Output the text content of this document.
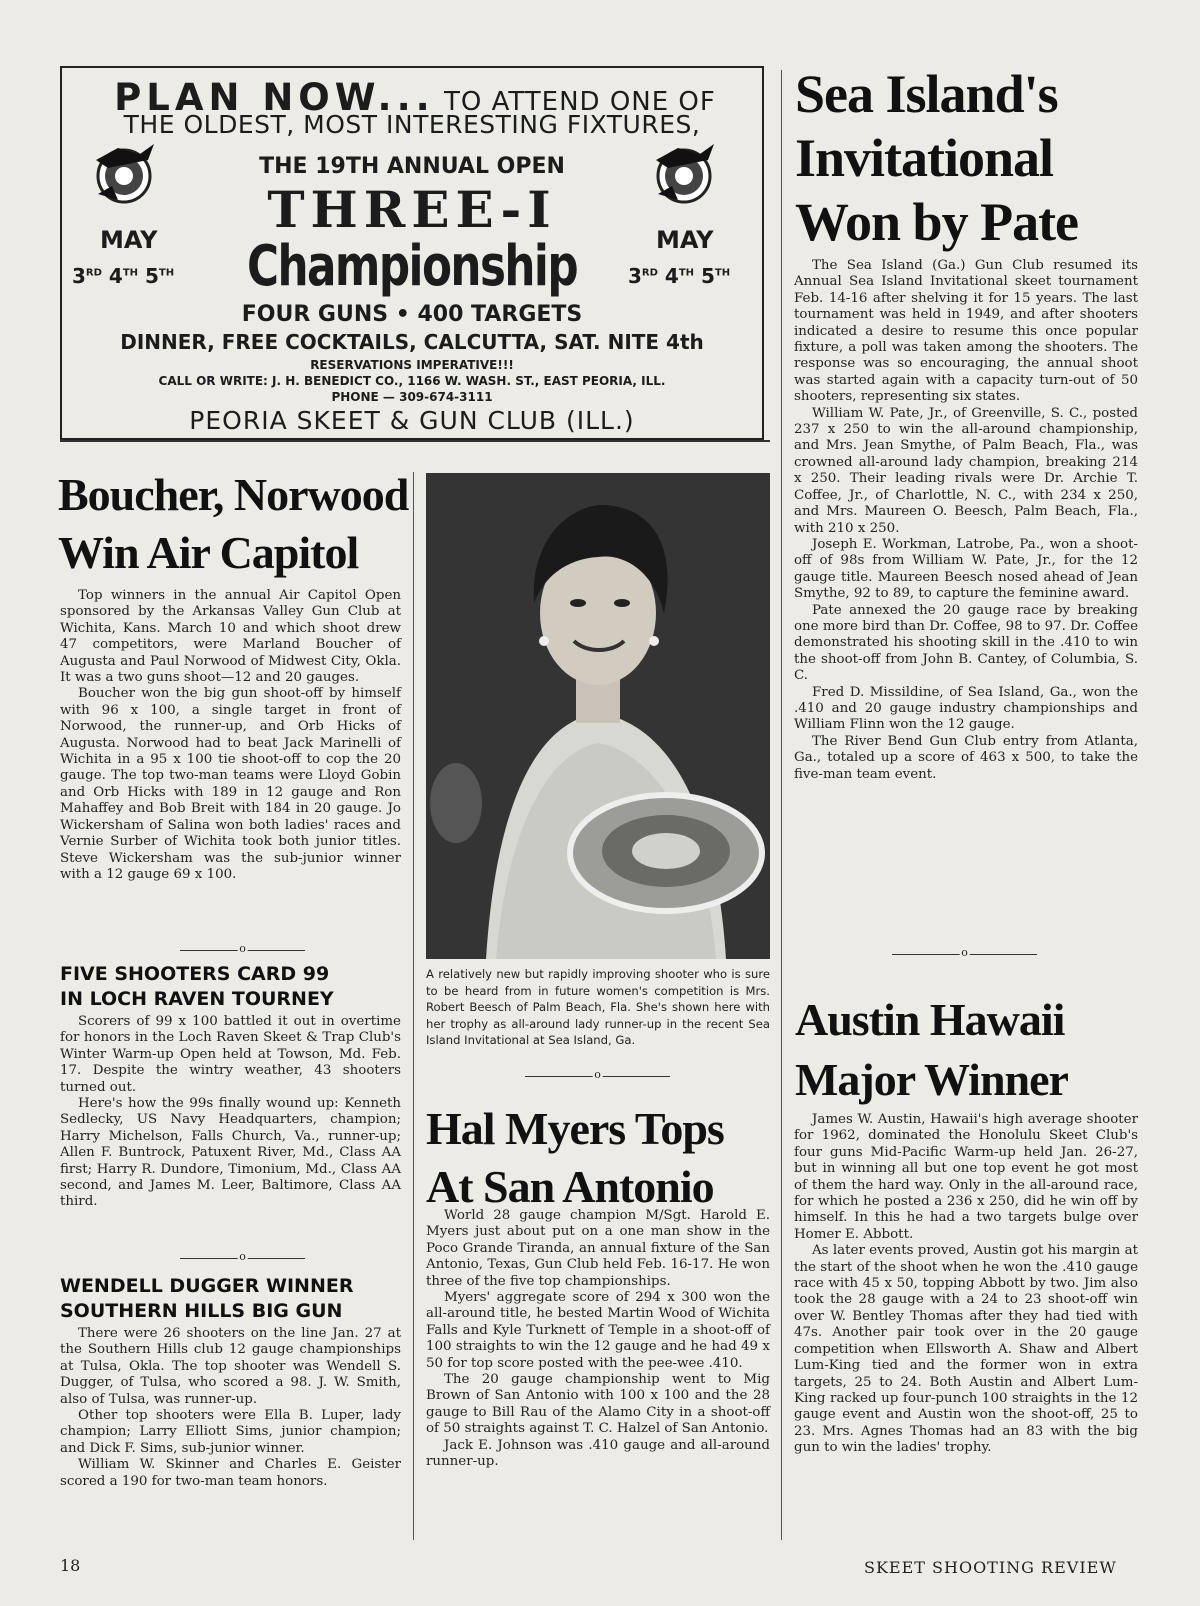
PLAN NOW... TO ATTEND ONE OF
THE OLDEST, MOST INTERESTING FIXTURES,
THE 19TH ANNUAL OPEN
THREE-I
Championship
MAY
3RD 4TH 5TH
MAY
3RD 4TH 5TH
FOUR GUNS • 400 TARGETS
DINNER, FREE COCKTAILS, CALCUTTA, SAT. NITE 4th
RESERVATIONS IMPERATIVE!!!
CALL OR WRITE: J. H. BENEDICT CO., 1166 W. WASH. ST., EAST PEORIA, ILL.
PHONE — 309-674-3111
PEORIA SKEET & GUN CLUB (ILL.)
Boucher, Norwood
Win Air Capitol

Top winners in the annual Air Capitol Open sponsored by the Arkansas Valley Gun Club at Wichita, Kans. March 10 and which shoot drew 47 competitors, were Marland Boucher of Augusta and Paul Norwood of Midwest City, Okla. It was a two guns shoot—12 and 20 gauges.

Boucher won the big gun shoot-off by himself with 96 x 100, a single target in front of Norwood, the runner-up, and Orb Hicks of Augusta. Norwood had to beat Jack Marinelli of Wichita in a 95 x 100 tie shoot-off to cop the 20 gauge. The top two-man teams were Lloyd Gobin and Orb Hicks with 189 in 12 gauge and Ron Mahaffey and Bob Breit with 184 in 20 gauge. Jo Wickersham of Salina won both ladies' races and Vernie Surber of Wichita took both junior titles. Steve Wickersham was the sub-junior winner with a 12 gauge 69 x 100.

o
FIVE SHOOTERS CARD 99
IN LOCH RAVEN TOURNEY

Scorers of 99 x 100 battled it out in overtime for honors in the Loch Raven Skeet & Trap Club's Winter Warm-up Open held at Towson, Md. Feb. 17. Despite the wintry weather, 43 shooters turned out.

Here's how the 99s finally wound up: Kenneth Sedlecky, US Navy Headquarters, champion; Harry Michelson, Falls Church, Va., runner-up; Allen F. Buntrock, Patuxent River, Md., Class AA first; Harry R. Dundore, Timonium, Md., Class AA second, and James M. Leer, Baltimore, Class AA third.

o
WENDELL DUGGER WINNER
SOUTHERN HILLS BIG GUN

There were 26 shooters on the line Jan. 27 at the Southern Hills club 12 gauge championships at Tulsa, Okla. The top shooter was Wendell S. Dugger, of Tulsa, who scored a 98. J. W. Smith, also of Tulsa, was runner-up.

Other top shooters were Ella B. Luper, lady champion; Larry Elliott Sims, junior champion; and Dick F. Sims, sub-junior winner.

William W. Skinner and Charles E. Geister scored a 190 for two-man team honors.

A relatively new but rapidly improving shooter who is sure to be heard from in future women's competition is Mrs. Robert Beesch of Palm Beach, Fla. She's shown here with her trophy as all-around lady runner-up in the recent Sea Island Invitational at Sea Island, Ga.
o
Hal Myers Tops
At San Antonio

World 28 gauge champion M/Sgt. Harold E. Myers just about put on a one man show in the Poco Grande Tiranda, an annual fixture of the San Antonio, Texas, Gun Club held Feb. 16-17. He won three of the five top championships.

Myers' aggregate score of 294 x 300 won the all-around title, he bested Martin Wood of Wichita Falls and Kyle Turknett of Temple in a shoot-off of 100 straights to win the 12 gauge and he had 49 x 50 for top score posted with the pee-wee .410.

The 20 gauge championship went to Mig Brown of San Antonio with 100 x 100 and the 28 gauge to Bill Rau of the Alamo City in a shoot-off of 50 straights against T. C. Halzel of San Antonio.

Jack E. Johnson was .410 gauge and all-around runner-up.

Sea Island's
Invitational
Won by Pate

The Sea Island (Ga.) Gun Club resumed its Annual Sea Island Invitational skeet tournament Feb. 14-16 after shelving it for 15 years. The last tournament was held in 1949, and after shooters indicated a desire to resume this once popular fixture, a poll was taken among the shooters. The response was so encouraging, the annual shoot was started again with a capacity turn-out of 50 shooters, representing six states.

William W. Pate, Jr., of Greenville, S. C., posted 237 x 250 to win the all-around championship, and Mrs. Jean Smythe, of Palm Beach, Fla., was crowned all-around lady champion, breaking 214 x 250. Their leading rivals were Dr. Archie T. Coffee, Jr., of Charlottle, N. C., with 234 x 250, and Mrs. Maureen O. Beesch, Palm Beach, Fla., with 210 x 250.

Joseph E. Workman, Latrobe, Pa., won a shoot-off of 98s from William W. Pate, Jr., for the 12 gauge title. Maureen Beesch nosed ahead of Jean Smythe, 92 to 89, to capture the feminine award.

Pate annexed the 20 gauge race by breaking one more bird than Dr. Coffee, 98 to 97. Dr. Coffee demonstrated his shooting skill in the .410 to win the shoot-off from John B. Cantey, of Columbia, S. C.

Fred D. Missildine, of Sea Island, Ga., won the .410 and 20 gauge industry championships and William Flinn won the 12 gauge.

The River Bend Gun Club entry from Atlanta, Ga., totaled up a score of 463 x 500, to take the five-man team event.

o
Austin Hawaii
Major Winner

James W. Austin, Hawaii's high average shooter for 1962, dominated the Honolulu Skeet Club's four guns Mid-Pacific Warm-up held Jan. 26-27, but in winning all but one top event he got most of them the hard way. Only in the all-around race, for which he posted a 236 x 250, did he win off by himself. In this he had a two targets bulge over Homer E. Abbott.

As later events proved, Austin got his margin at the start of the shoot when he won the .410 gauge race with 45 x 50, topping Abbott by two. Jim also took the 28 gauge with a 24 to 23 shoot-off win over W. Bentley Thomas after they had tied with 47s. Another pair took over in the 20 gauge competition when Ellsworth A. Shaw and Albert Lum-King tied and the former won in extra targets, 25 to 24. Both Austin and Albert Lum-King racked up four-punch 100 straights in the 12 gauge event and Austin won the shoot-off, 25 to 23. Mrs. Agnes Thomas had an 83 with the big gun to win the ladies' trophy.

18	SKEET SHOOTING REVIEW
